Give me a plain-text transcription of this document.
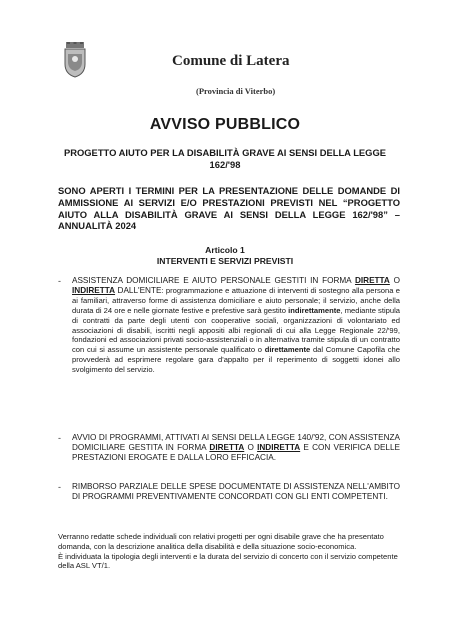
Comune di Latera
(Provincia di Viterbo)
AVVISO PUBBLICO
PROGETTO AIUTO PER LA DISABILITÀ GRAVE AI SENSI DELLA LEGGE 162/'98
SONO APERTI I TERMINI PER LA PRESENTAZIONE DELLE DOMANDE DI AMMISSIONE AI SERVIZI E/O PRESTAZIONI PREVISTI NEL “PROGETTO AIUTO ALLA DISABILITÀ GRAVE AI SENSI DELLA LEGGE 162/'98” – ANNUALITÀ 2024
Articolo 1
INTERVENTI E SERVIZI PREVISTI
- ASSISTENZA DOMICILIARE E AIUTO PERSONALE GESTITI IN FORMA DIRETTA O INDIRETTA DALL'ENTE: programmazione e attuazione di interventi di sostegno alla persona e ai familiari, attraverso forme di assistenza domiciliare e aiuto personale; il servizio, anche della durata di 24 ore e nelle giornate festive e prefestive sarà gestito indirettamente, mediante stipula di contratti da parte degli utenti con cooperative sociali, organizzazioni di volontariato ed associazioni di disabili, iscritti negli appositi albi regionali di cui alla Legge Regionale 22/'99, fondazioni ed associazioni privati socio-assistenziali o in alternativa tramite stipula di un contratto con cui si assume un assistente personale qualificato o direttamente dal Comune Capofila che provvederà ad esprimere regolare gara d'appalto per il reperimento di soggetti idonei allo svolgimento del servizio.
- AVVIO DI PROGRAMMI, ATTIVATI AI SENSI DELLA LEGGE 140/'92, CON ASSISTENZA DOMICILIARE GESTITA IN FORMA DIRETTA O INDIRETTA E CON VERIFICA DELLE PRESTAZIONI EROGATE E DALLA LORO EFFICACIA.
- RIMBORSO PARZIALE DELLE SPESE DOCUMENTATE DI ASSISTENZA NELL'AMBITO DI PROGRAMMI PREVENTIVAMENTE CONCORDATI CON GLI ENTI COMPETENTI.

Verranno redatte schede individuali con relativi progetti per ogni disabile grave che ha presentato domanda, con la descrizione analitica della disabilità e della situazione socio-economica.

È individuata la tipologia degli interventi e la durata del servizio di concerto con il servizio competente della ASL VT/1.
